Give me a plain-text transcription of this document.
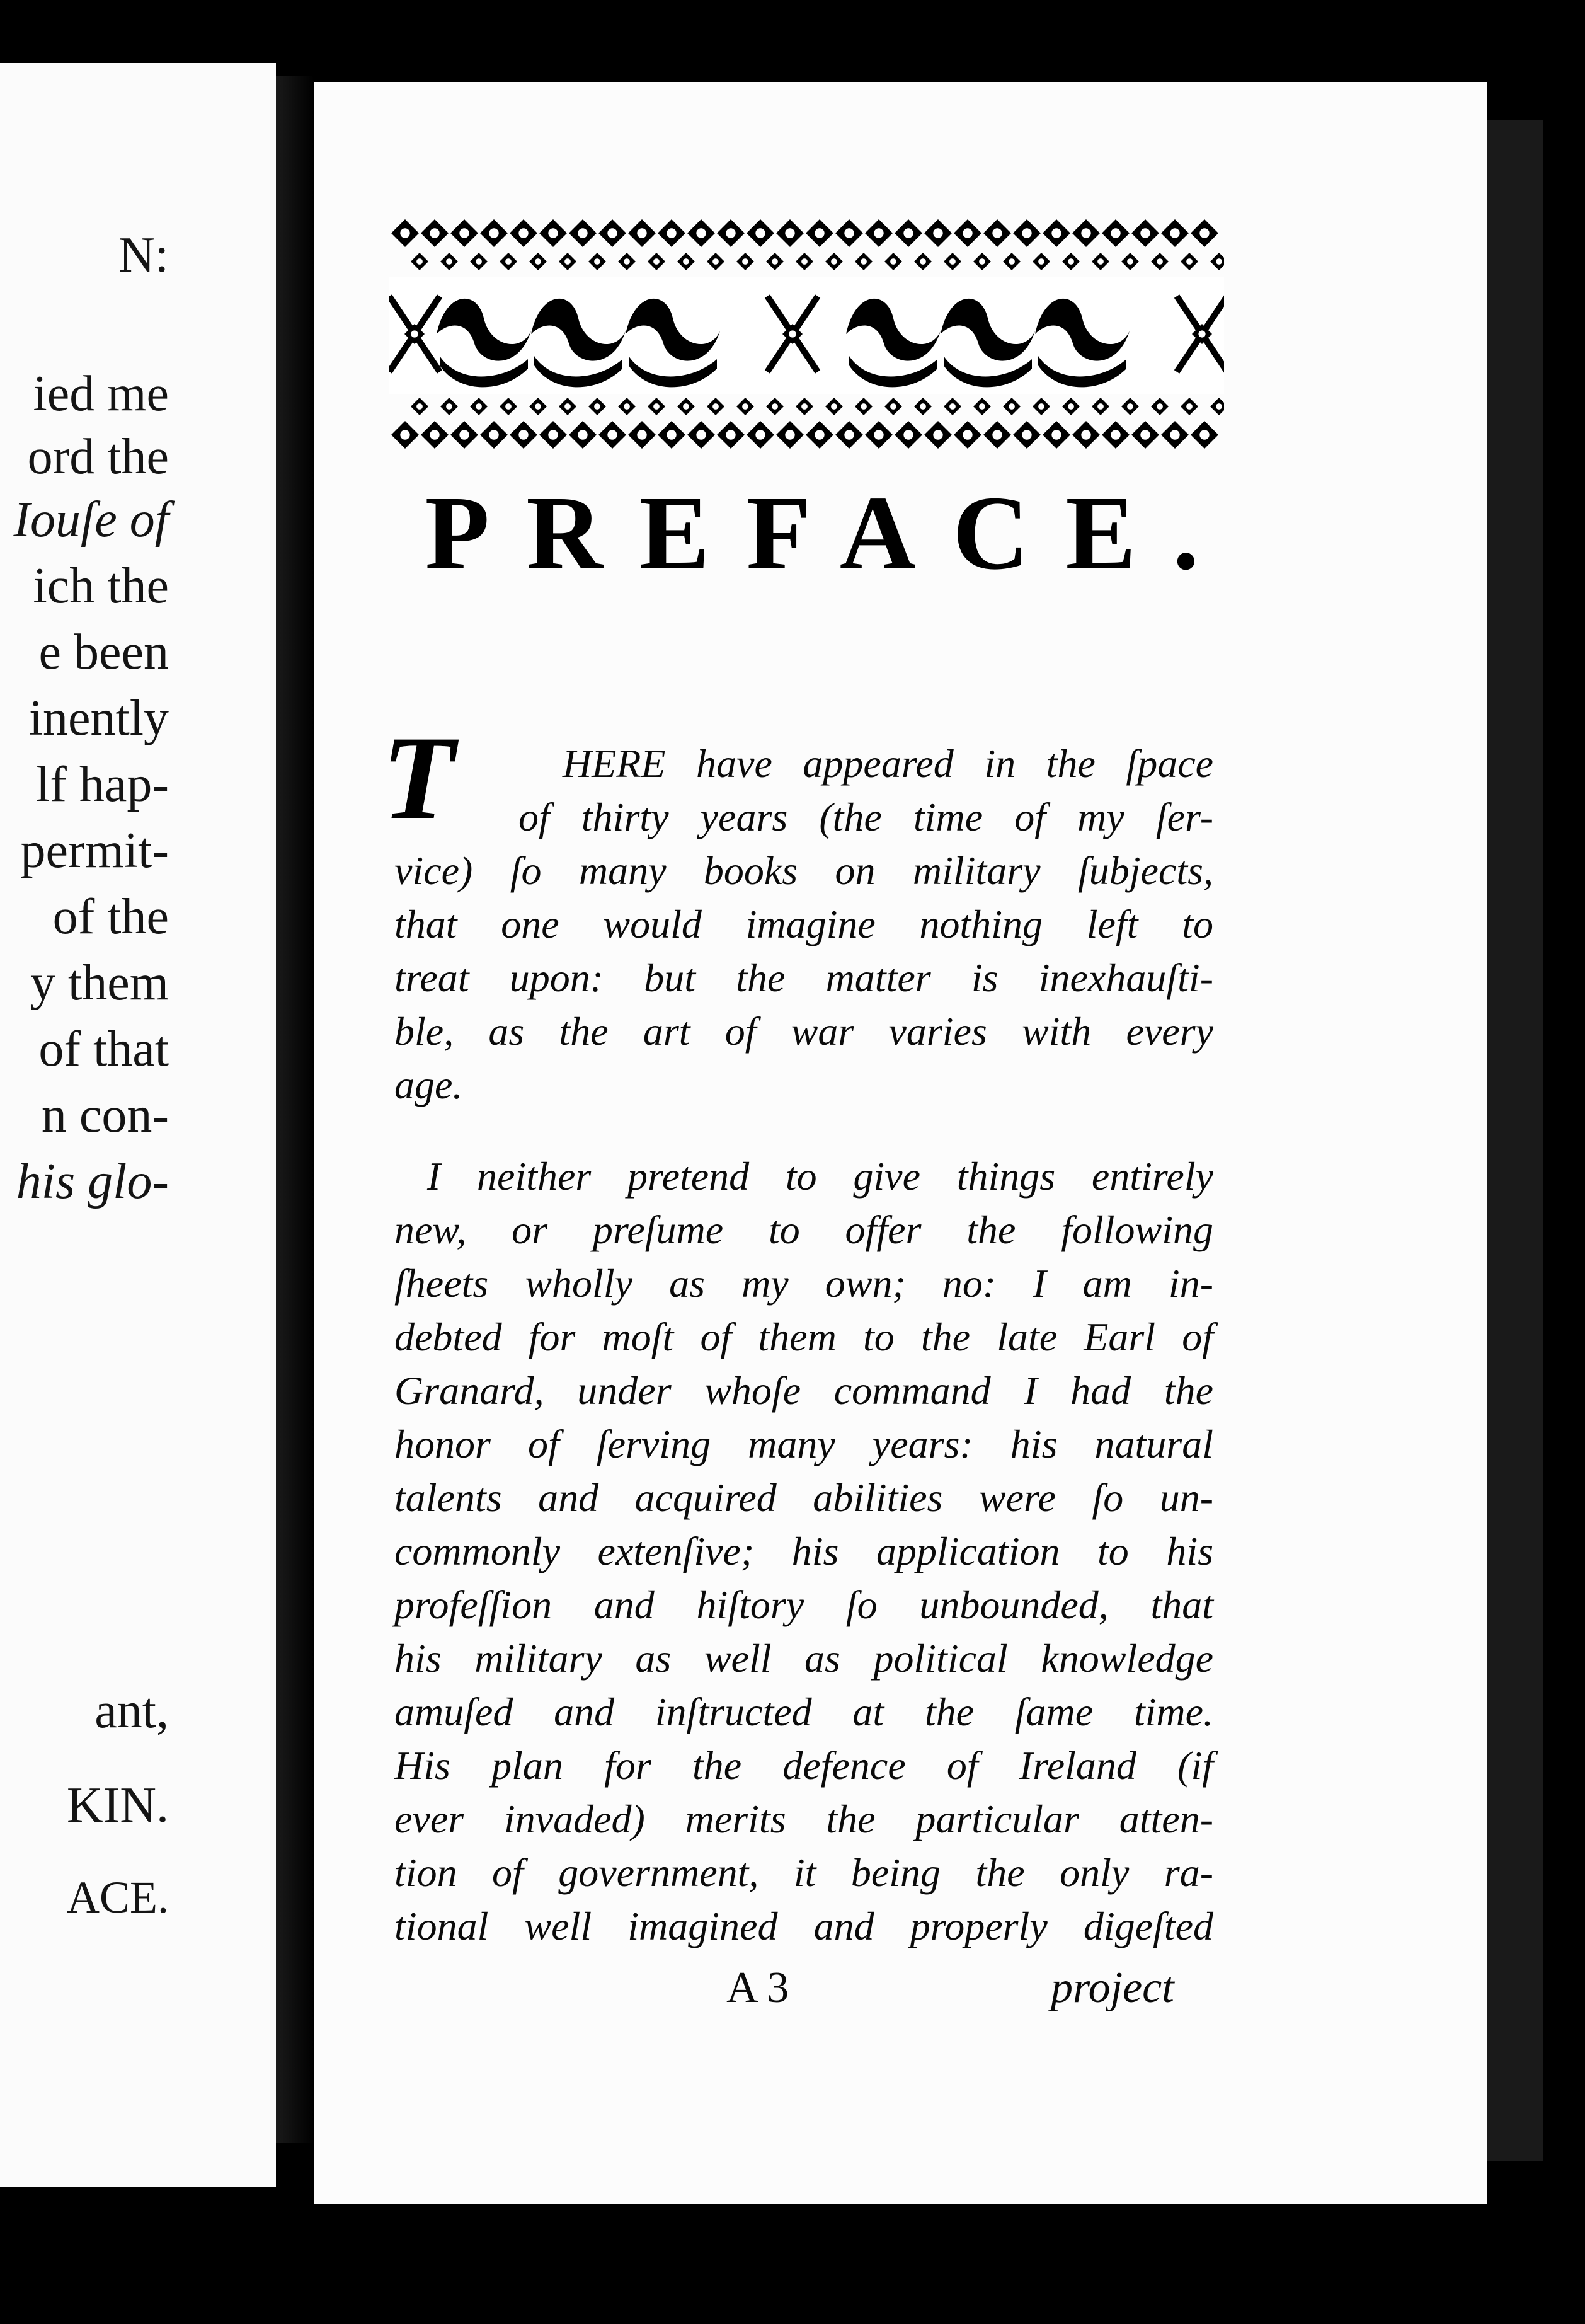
N:
ied me
ord the
Iouſe of
ich the
e been
inently
lf hap-
permit-
of the
y them
of that
n con-
his glo-
ant,
KIN.
ACE.
PREFACE.
T	HERE have appeared in the ſpace
of thirty years (the time of my ſer-
vice) ſo many books on military ſubjects,
that one would imagine nothing left to
treat upon: but the matter is inexhauſti-
ble, as the art of war varies with every
age.
I neither pretend to give things entirely
new, or preſume to offer the following
ſheets wholly as my own; no: I am in-
debted for moſt of them to the late Earl of
Granard, under whoſe command I had the
honor of ſerving many years: his natural
talents and acquired abilities were ſo un-
commonly extenſive; his application to his
profeſſion and hiſtory ſo unbounded, that
his military as well as political knowledge
amuſed and inſtructed at the ſame time.
His plan for the defence of Ireland (if
ever invaded) merits the particular atten-
tion of government, it being the only ra-
tional well imagined and properly digeſted
A 3	project
